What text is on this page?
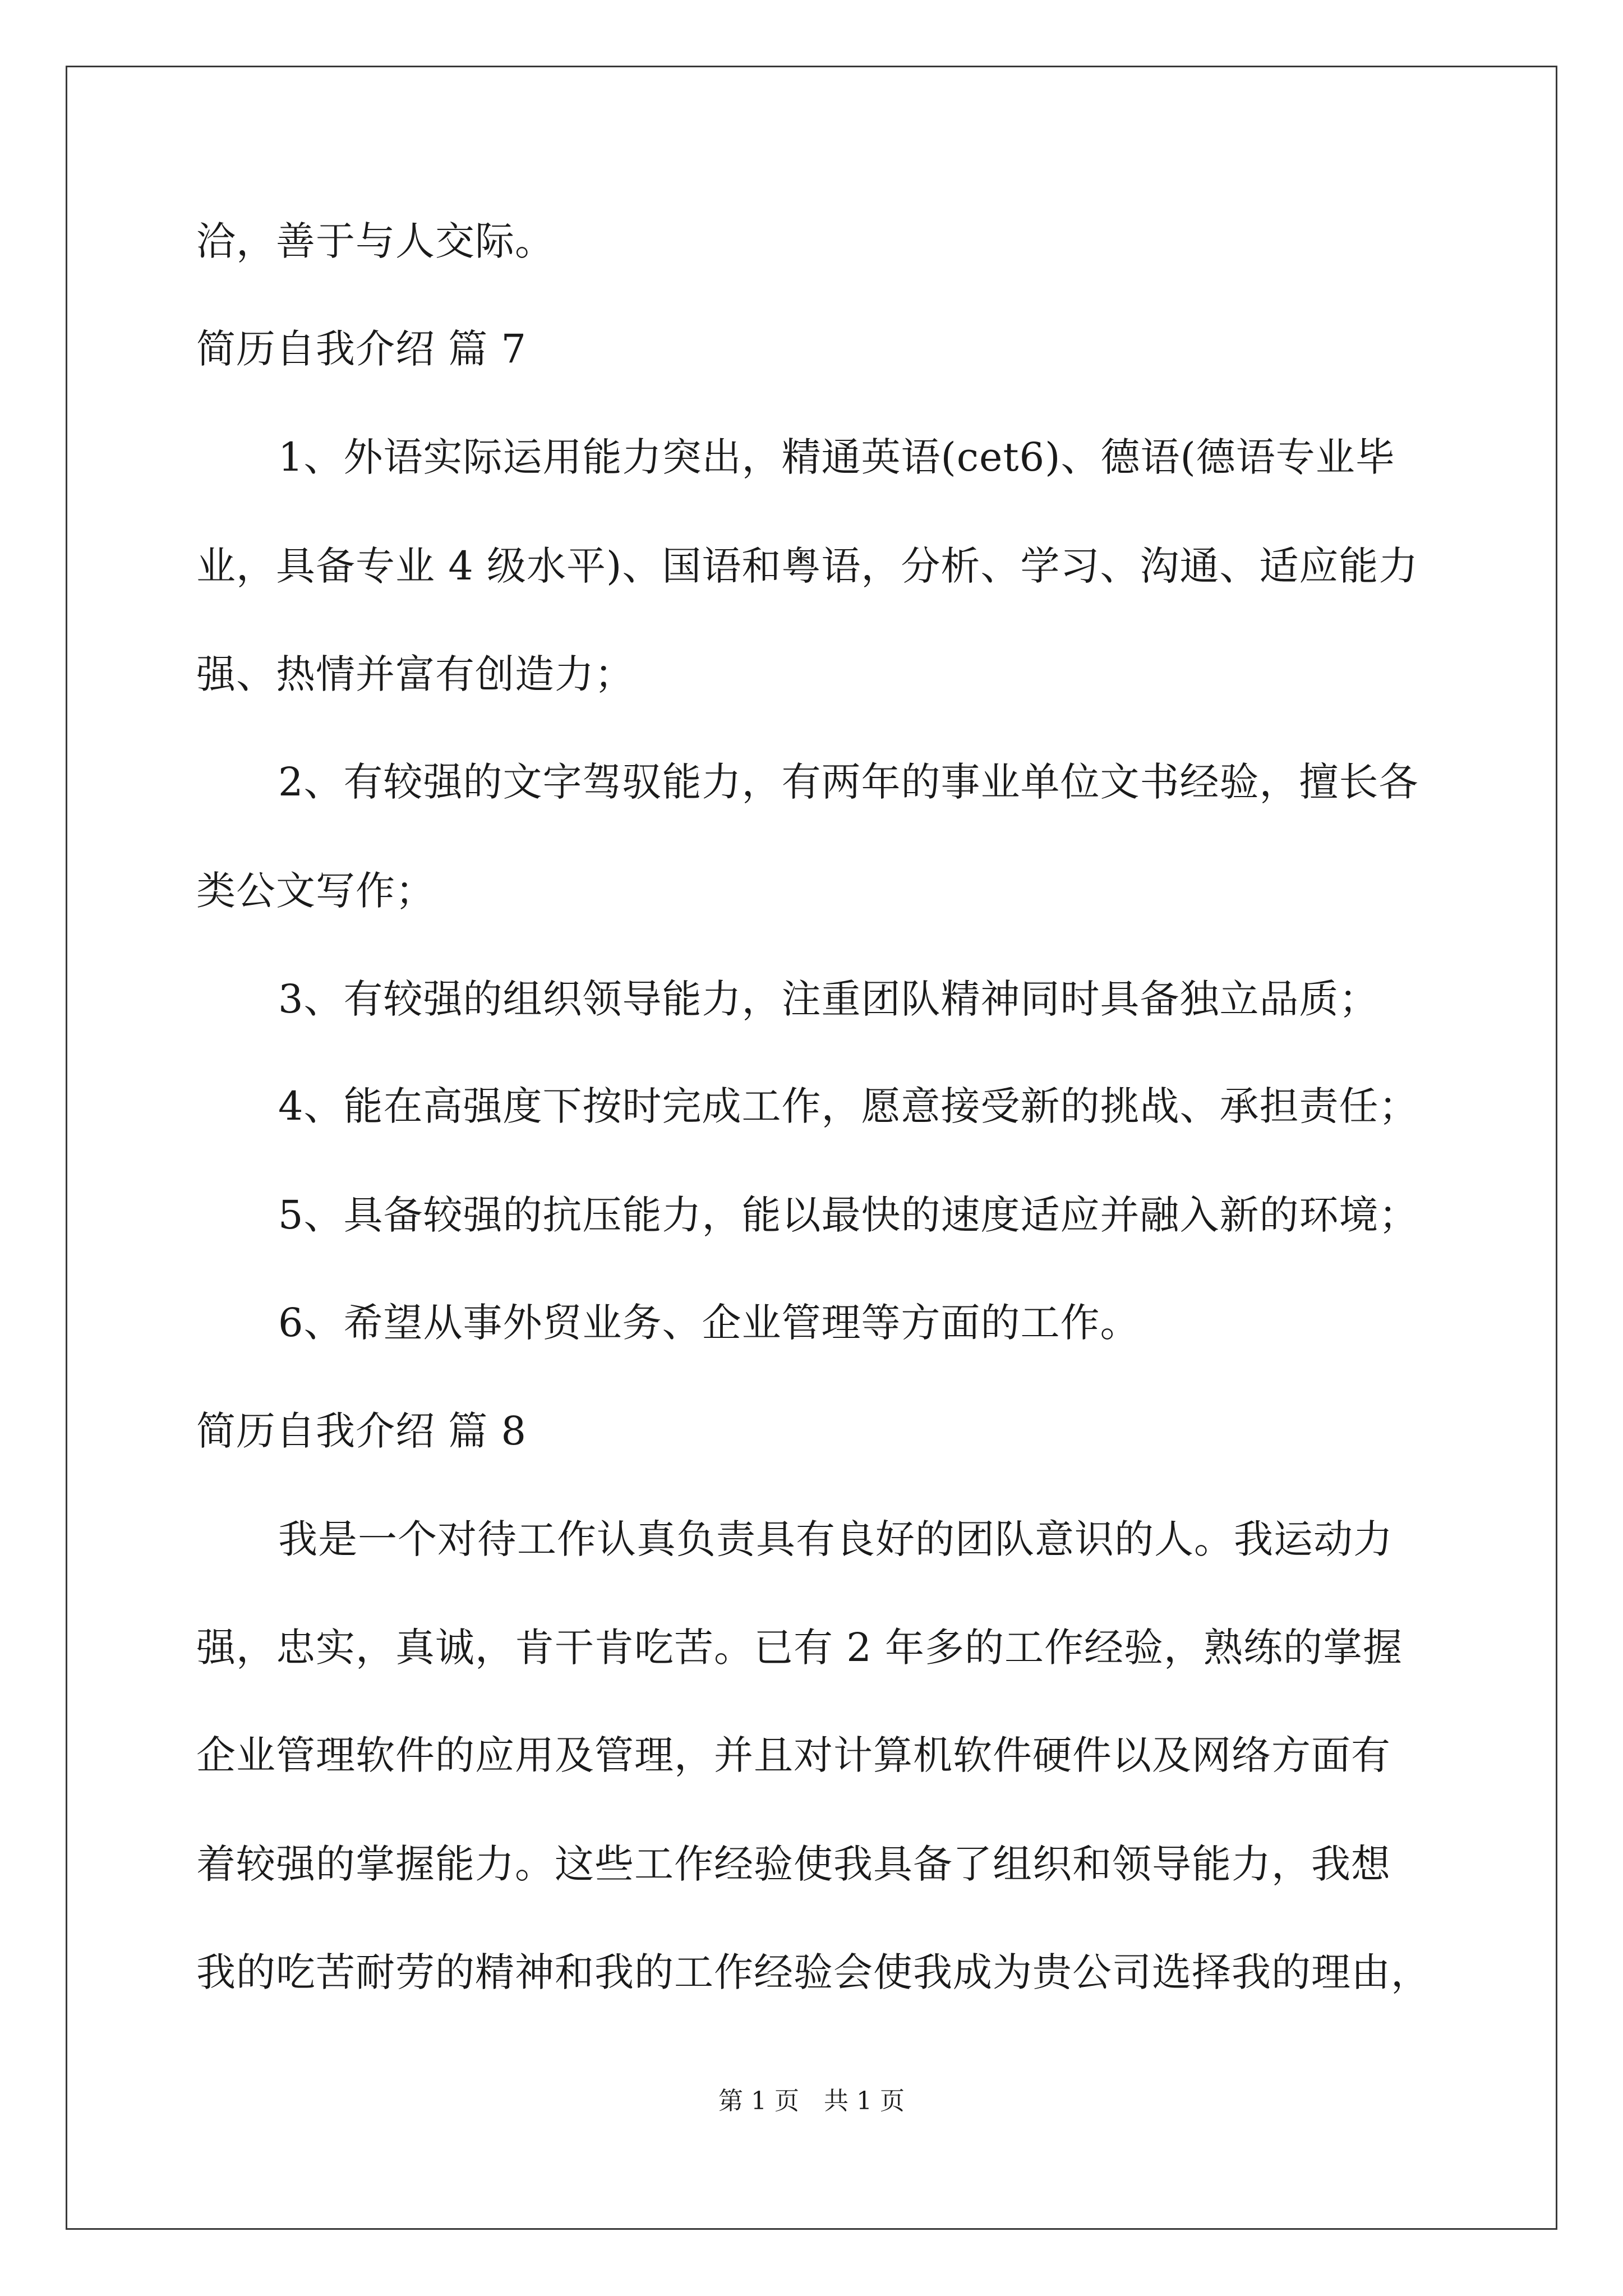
洽，善于与人交际。
简历自我介绍 篇 7
1、外语实际运用能力突出，精通英语(cet6)、德语(德语专业毕
业，具备专业 4 级水平)、国语和粤语，分析、学习、沟通、适应能力
强、热情并富有创造力；
2、有较强的文字驾驭能力，有两年的事业单位文书经验，擅长各
类公文写作；
3、有较强的组织领导能力，注重团队精神同时具备独立品质；
4、能在高强度下按时完成工作，愿意接受新的挑战、承担责任；
5、具备较强的抗压能力，能以最快的速度适应并融入新的环境；
6、希望从事外贸业务、企业管理等方面的工作。
简历自我介绍 篇 8
我是一个对待工作认真负责具有良好的团队意识的人。我运动力
强，忠实，真诚，肯干肯吃苦。已有 2 年多的工作经验，熟练的掌握
企业管理软件的应用及管理，并且对计算机软件硬件以及网络方面有
着较强的掌握能力。这些工作经验使我具备了组织和领导能力，我想
我的吃苦耐劳的精神和我的工作经验会使我成为贵公司选择我的理由，
第 1 页 共 1 页
